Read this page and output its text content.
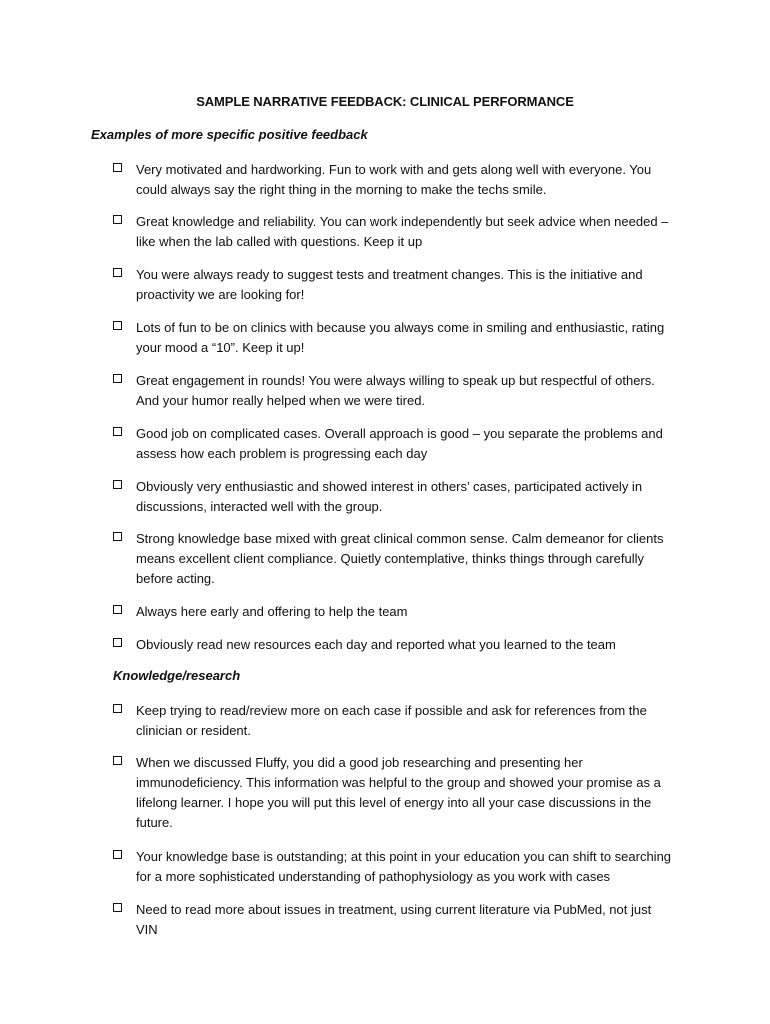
SAMPLE NARRATIVE FEEDBACK: CLINICAL PERFORMANCE
Examples of more specific positive feedback
Very motivated and hardworking. Fun to work with and gets along well with everyone. You could always say the right thing in the morning to make the techs smile.
Great knowledge and reliability. You can work independently but seek advice when needed – like when the lab called with questions. Keep it up
You were always ready to suggest tests and treatment changes. This is the initiative and proactivity we are looking for!
Lots of fun to be on clinics with because you always come in smiling and enthusiastic, rating your mood a “10”. Keep it up!
Great engagement in rounds! You were always willing to speak up but respectful of others. And your humor really helped when we were tired.
Good job on complicated cases. Overall approach is good – you separate the problems and assess how each problem is progressing each day
Obviously very enthusiastic and showed interest in others’ cases, participated actively in discussions, interacted well with the group.
Strong knowledge base mixed with great clinical common sense. Calm demeanor for clients means excellent client compliance. Quietly contemplative, thinks things through carefully before acting.
Always here early and offering to help the team
Obviously read new resources each day and reported what you learned to the team
Knowledge/research
Keep trying to read/review more on each case if possible and ask for references from the clinician or resident.
When we discussed Fluffy, you did a good job researching and presenting her immunodeficiency. This information was helpful to the group and showed your promise as a lifelong learner. I hope you will put this level of energy into all your case discussions in the future.
Your knowledge base is outstanding; at this point in your education you can shift to searching for a more sophisticated understanding of pathophysiology as you work with cases
Need to read more about issues in treatment, using current literature via PubMed, not just VIN
